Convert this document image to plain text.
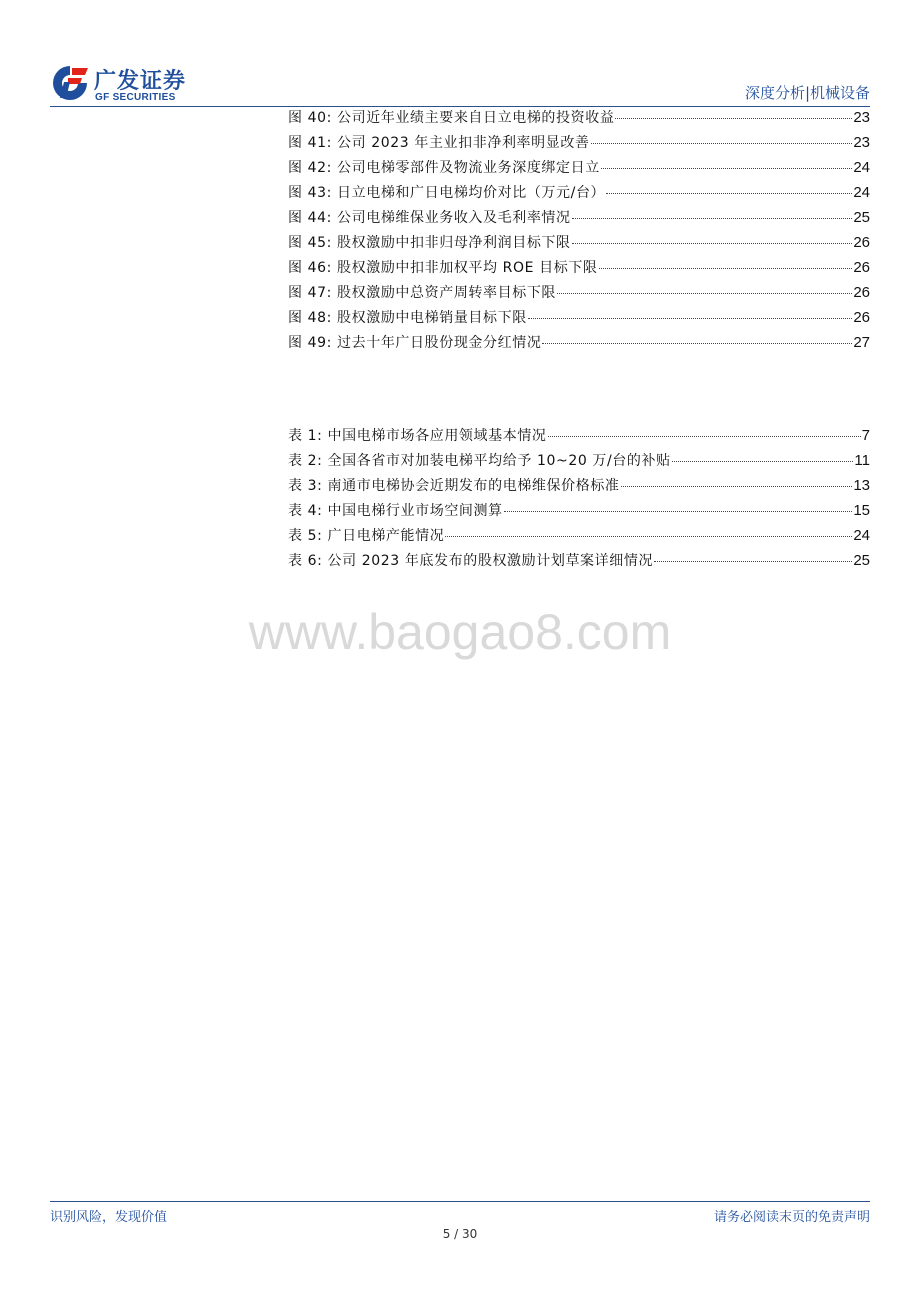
广发证券
GF SECURITIES	深度分析|机械设备
图 40: 公司近年业绩主要来自日立电梯的投资收益	23
图 41: 公司 2023 年主业扣非净利率明显改善	23
图 42: 公司电梯零部件及物流业务深度绑定日立	24
图 43: 日立电梯和广日电梯均价对比（万元/台）	24
图 44: 公司电梯维保业务收入及毛利率情况	25
图 45: 股权激励中扣非归母净利润目标下限	26
图 46: 股权激励中扣非加权平均 ROE 目标下限	26
图 47: 股权激励中总资产周转率目标下限	26
图 48: 股权激励中电梯销量目标下限	26
图 49: 过去十年广日股份现金分红情况	27
表 1: 中国电梯市场各应用领域基本情况	7
表 2: 全国各省市对加装电梯平均给予 10~20 万/台的补贴	11
表 3: 南通市电梯协会近期发布的电梯维保价格标准	13
表 4: 中国电梯行业市场空间测算	15
表 5: 广日电梯产能情况	24
表 6: 公司 2023 年底发布的股权激励计划草案详细情况	25
www.baogao8.com
识别风险，发现价值	请务必阅读末页的免责声明
5 / 30
